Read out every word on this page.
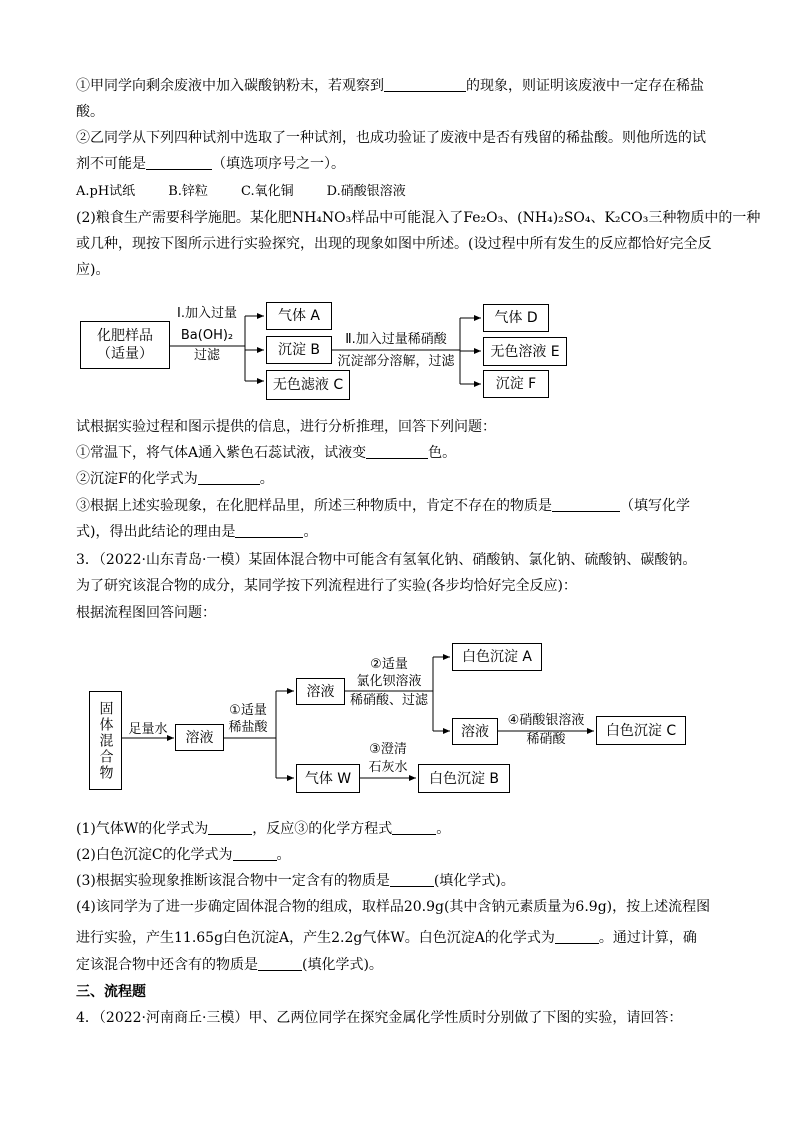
①甲同学向剩余废液中加入碳酸钠粉末，若观察到	的现象，则证明该废液中一定存在稀盐
酸。
②乙同学从下列四种试剂中选取了一种试剂，也成功验证了废液中是否有残留的稀盐酸。则他所选的试
剂不可能是	（填选项序号之一）。
A.pH试纸        B.锌粒        C.氧化铜        D.硝酸银溶液
(2)粮食生产需要科学施肥。某化肥NH₄NO₃样品中可能混入了Fe₂O₃、(NH₄)₂SO₄、K₂CO₃三种物质中的一种
或几种，现按下图所示进行实验探究，出现的现象如图中所述。(设过程中所有发生的反应都恰好完全反
应)。
化肥样品
（适量）
Ⅰ.加入过量
Ba(OH)₂
过滤
气体 A
沉淀 B
无色滤液 C
Ⅱ.加入过量稀硝酸
沉淀部分溶解，过滤
气体 D
无色溶液 E
沉淀 F
试根据实验过程和图示提供的信息，进行分析推理，回答下列问题：
①常温下，将气体A通入紫色石蕊试液，试液变	色。
②沉淀F的化学式为	。
③根据上述实验现象，在化肥样品里，所述三种物质中，肯定不存在的物质是	（填写化学
式)，得出此结论的理由是	。
3．（2022·山东青岛·一模）某固体混合物中可能含有氢氧化钠、硝酸钠、氯化钠、硫酸钠、碳酸钠。
为了研究该混合物的成分，某同学按下列流程进行了实验(各步均恰好完全反应)：
根据流程图回答问题：
固体混合物	足量水	溶液
①适量
稀盐酸
溶液
②适量
氯化钡溶液
稀硝酸、过滤
白色沉淀 A
溶液
④硝酸银溶液
稀硝酸
白色沉淀 C
气体 W
③澄清
石灰水
白色沉淀 B
(1)气体W的化学式为	，反应③的化学方程式	。
(2)白色沉淀C的化学式为	。
(3)根据实验现象推断该混合物中一定含有的物质是	(填化学式)。
(4)该同学为了进一步确定固体混合物的组成，取样品20.9g(其中含钠元素质量为6.9g)，按上述流程图
进行实验，产生11.65g白色沉淀A，产生2.2g气体W。白色沉淀A的化学式为	。通过计算，确
定该混合物中还含有的物质是	(填化学式)。
三、流程题
4．（2022·河南商丘·三模）甲、乙两位同学在探究金属化学性质时分别做了下图的实验，请回答：
